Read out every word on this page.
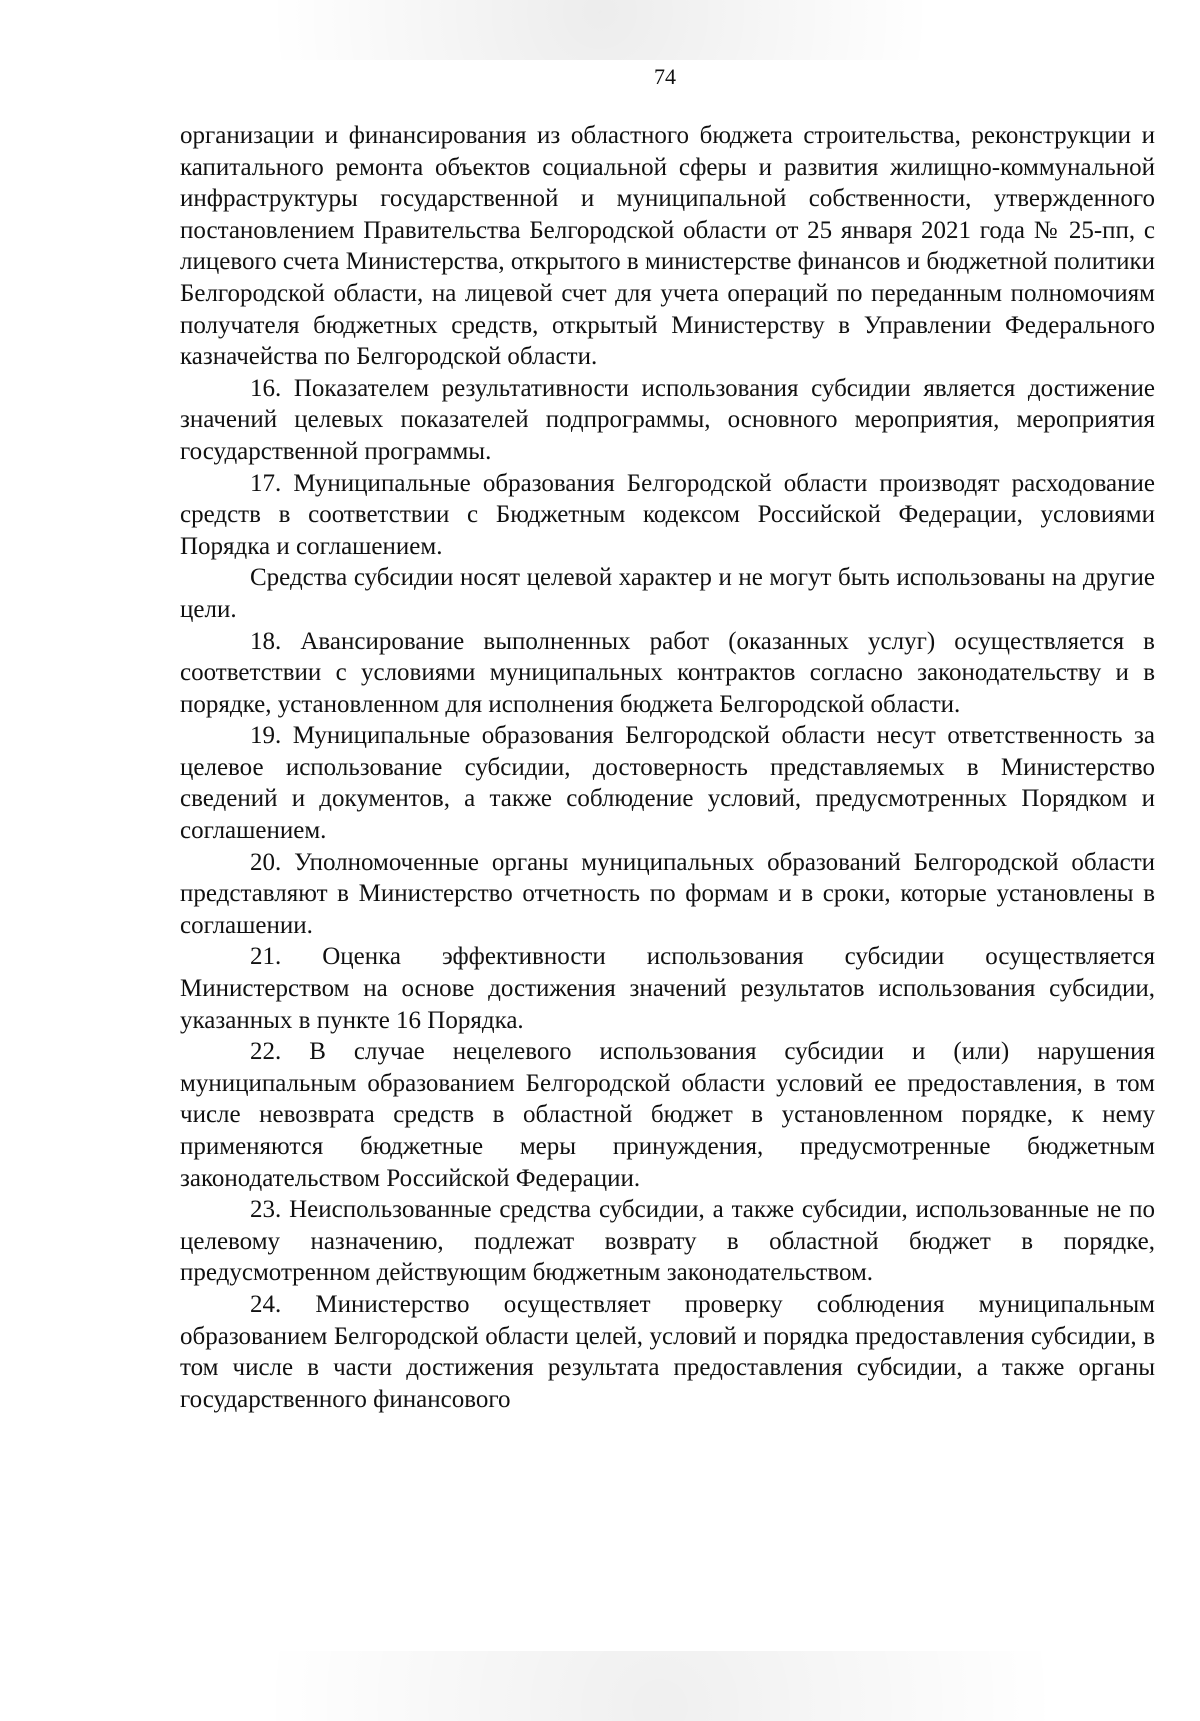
74

организации и финансирования из областного бюджета строительства, реконструкции и капитального ремонта объектов социальной сферы и развития жилищно-коммунальной инфраструктуры государственной и муниципальной собственности, утвержденного постановлением Правительства Белгородской области от 25 января 2021 года № 25-пп, с лицевого счета Министерства, открытого в министерстве финансов и бюджетной политики Белгородской области, на лицевой счет для учета операций по переданным полномочиям получателя бюджетных средств, открытый Министерству в Управлении Федерального казначейства по Белгородской области.

16. Показателем результативности использования субсидии является достижение значений целевых показателей подпрограммы, основного мероприятия, мероприятия государственной программы.

17. Муниципальные образования Белгородской области производят расходование средств в соответствии с Бюджетным кодексом Российской Федерации, условиями Порядка и соглашением.

Средства субсидии носят целевой характер и не могут быть использованы на другие цели.

18. Авансирование выполненных работ (оказанных услуг) осуществляется в соответствии с условиями муниципальных контрактов согласно законодательству и в порядке, установленном для исполнения бюджета Белгородской области.

19. Муниципальные образования Белгородской области несут ответственность за целевое использование субсидии, достоверность представляемых в Министерство сведений и документов, а также соблюдение условий, предусмотренных Порядком и соглашением.

20. Уполномоченные органы муниципальных образований Белгородской области представляют в Министерство отчетность по формам и в сроки, которые установлены в соглашении.

21. Оценка эффективности использования субсидии осуществляется Министерством на основе достижения значений результатов использования субсидии, указанных в пункте 16 Порядка.

22. В случае нецелевого использования субсидии и (или) нарушения муниципальным образованием Белгородской области условий ее предоставления, в том числе невозврата средств в областной бюджет в установленном порядке, к нему применяются бюджетные меры принуждения, предусмотренные бюджетным законодательством Российской Федерации.

23. Неиспользованные средства субсидии, а также субсидии, использованные не по целевому назначению, подлежат возврату в областной бюджет в порядке, предусмотренном действующим бюджетным законодательством.

24. Министерство осуществляет проверку соблюдения муниципальным образованием Белгородской области целей, условий и порядка предоставления субсидии, в том числе в части достижения результата предоставления субсидии, а также органы государственного финансового
